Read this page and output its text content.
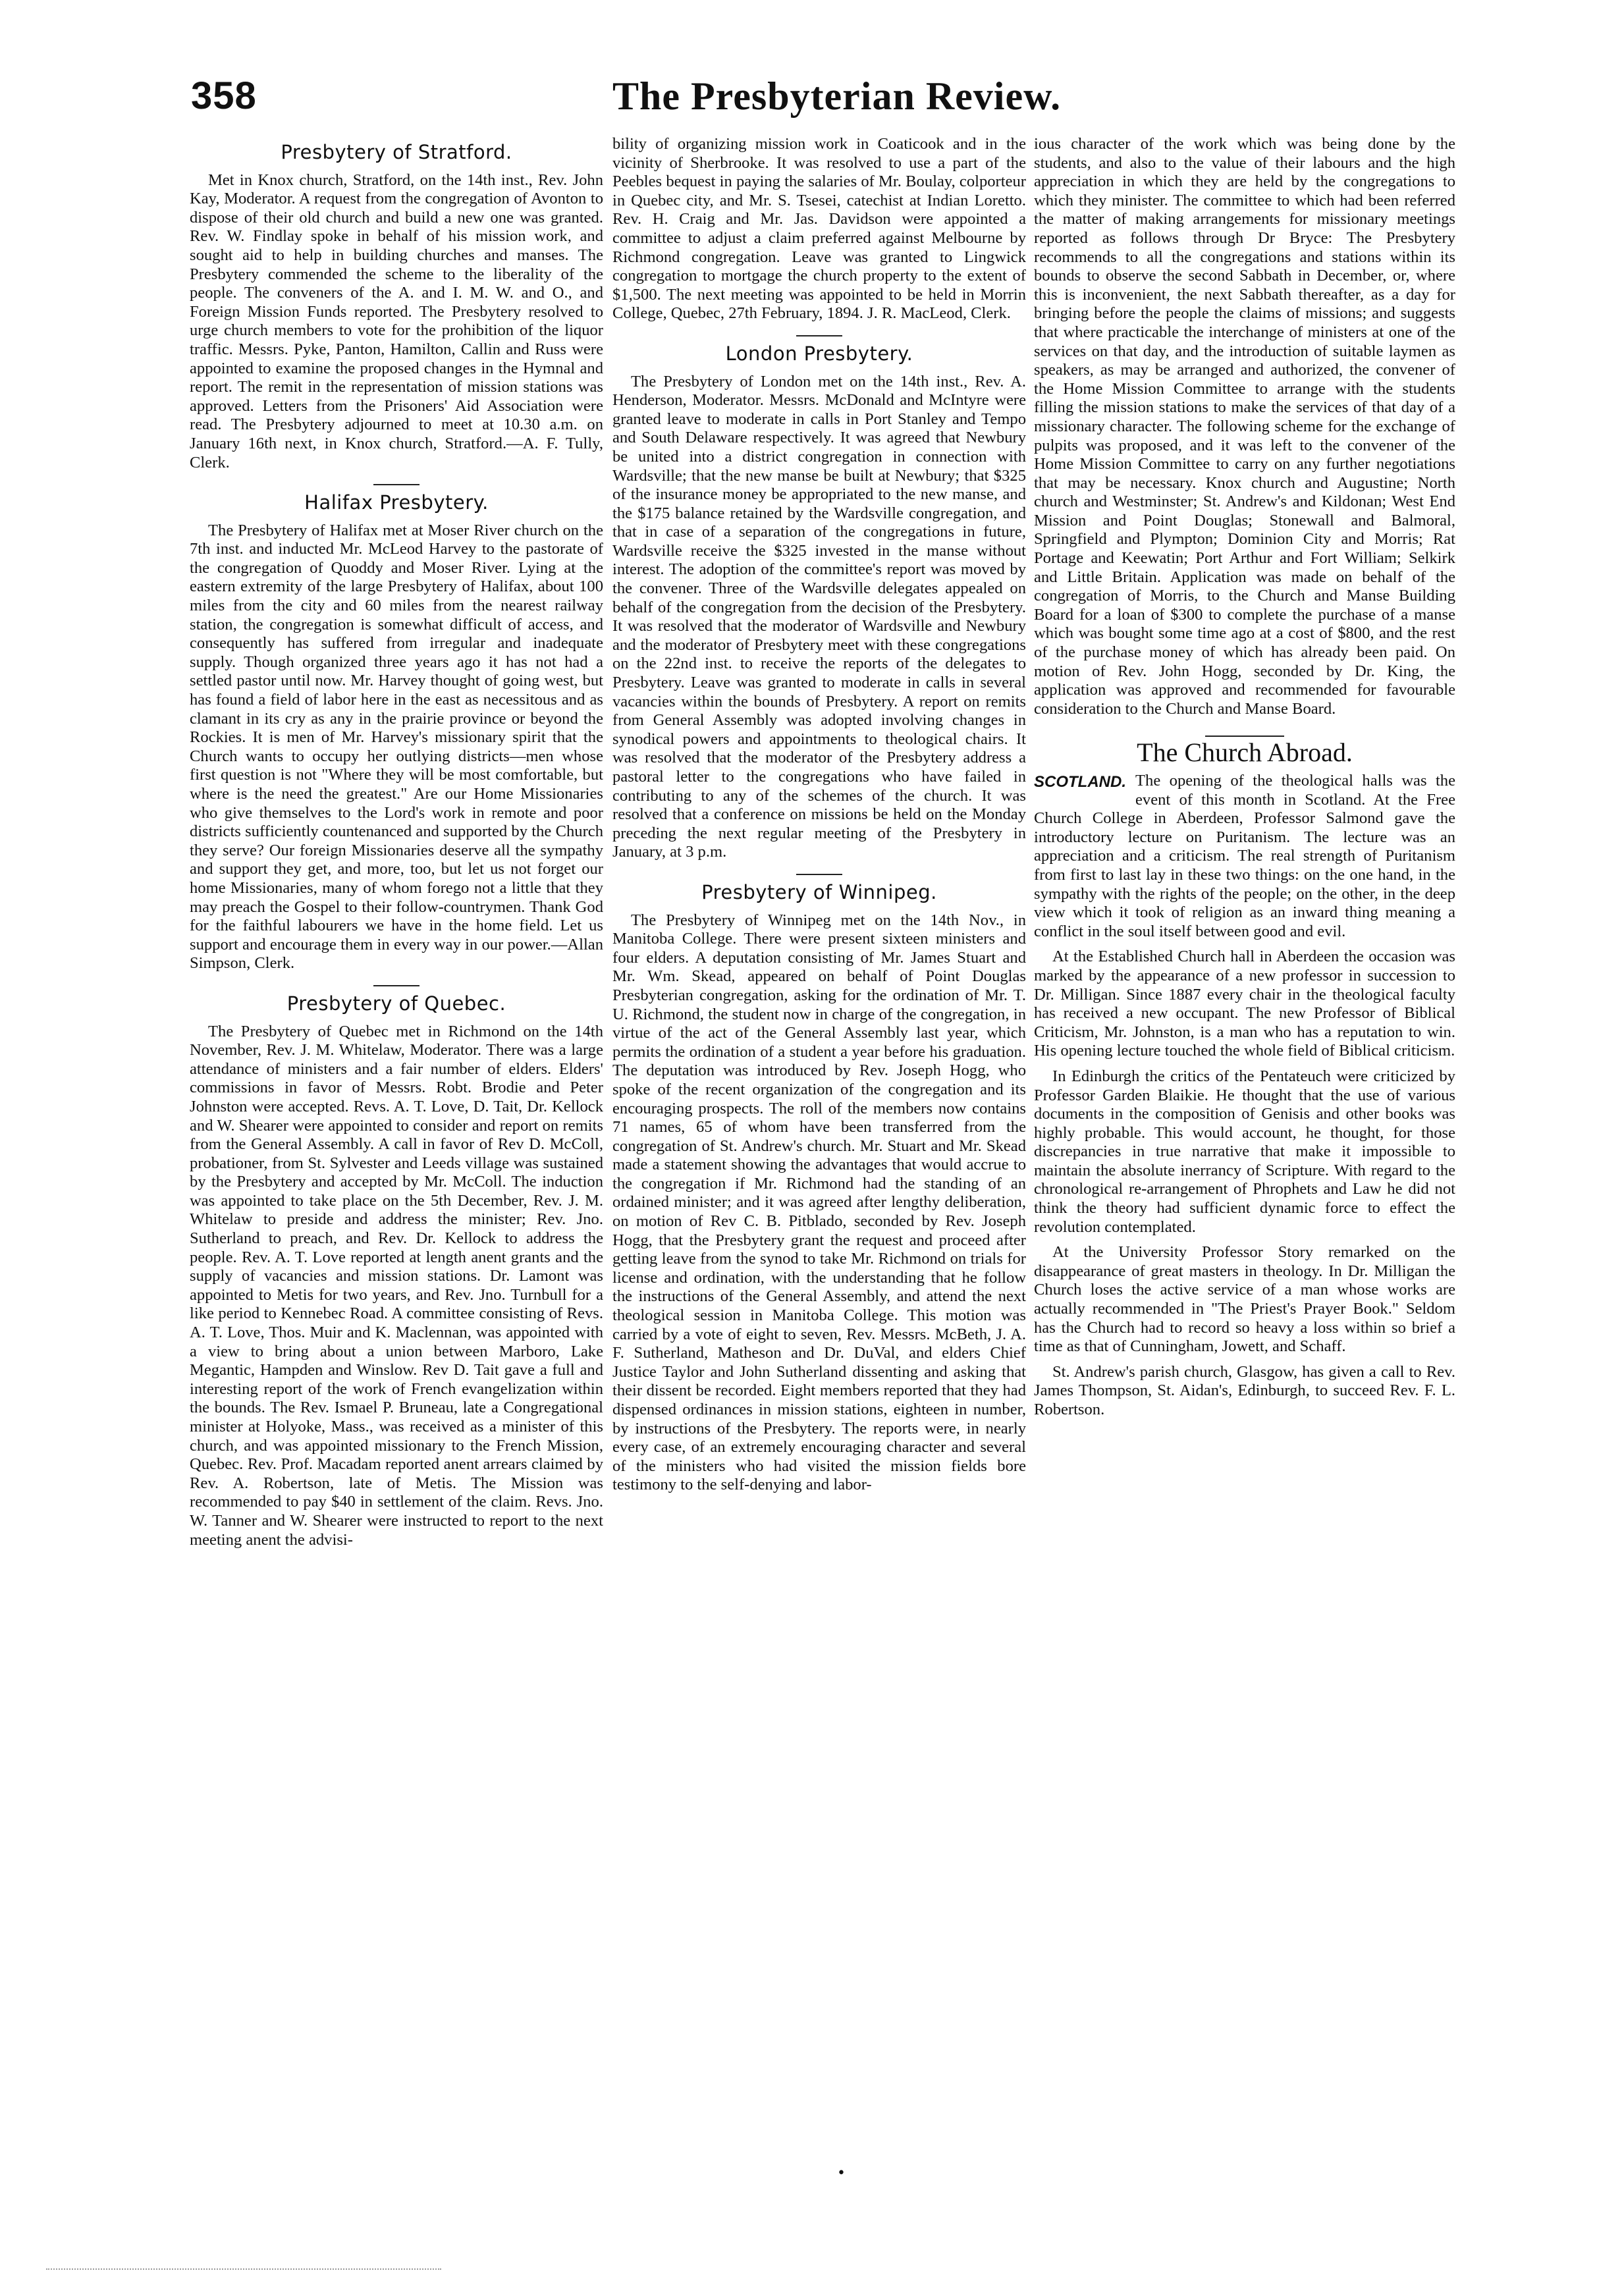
358	The Presbyterian Review.
Presbytery of Stratford.

Met in Knox church, Stratford, on the 14th inst., Rev. John Kay, Moderator. A request from the congregation of Avonton to dispose of their old church and build a new one was granted. Rev. W. Findlay spoke in behalf of his mission work, and sought aid to help in building churches and manses. The Presbytery commended the scheme to the liberality of the people. The conveners of the A. and I. M. W. and O., and Foreign Mission Funds reported. The Presbytery resolved to urge church members to vote for the prohibition of the liquor traffic. Messrs. Pyke, Panton, Hamilton, Callin and Russ were appointed to examine the proposed changes in the Hymnal and report. The remit in the representation of mission stations was approved. Letters from the Prisoners' Aid Association were read. The Presbytery adjourned to meet at 10.30 a.m. on January 16th next, in Knox church, Stratford.—A. F. Tully, Clerk.

Halifax Presbytery.

The Presbytery of Halifax met at Moser River church on the 7th inst. and inducted Mr. McLeod Harvey to the pastorate of the congregation of Quoddy and Moser River. Lying at the eastern extremity of the large Presbytery of Halifax, about 100 miles from the city and 60 miles from the nearest railway station, the congregation is somewhat difficult of access, and consequently has suffered from irregular and inadequate supply. Though organized three years ago it has not had a settled pastor until now. Mr. Harvey thought of going west, but has found a field of labor here in the east as necessitous and as clamant in its cry as any in the prairie province or beyond the Rockies. It is men of Mr. Harvey's missionary spirit that the Church wants to occupy her outlying districts—men whose first question is not "Where they will be most comfortable, but where is the need the greatest." Are our Home Missionaries who give themselves to the Lord's work in remote and poor districts sufficiently countenanced and supported by the Church they serve? Our foreign Missionaries deserve all the sympathy and support they get, and more, too, but let us not forget our home Missionaries, many of whom forego not a little that they may preach the Gospel to their follow-countrymen. Thank God for the faithful labourers we have in the home field. Let us support and encourage them in every way in our power.—Allan Simpson, Clerk.

Presbytery of Quebec.

The Presbytery of Quebec met in Richmond on the 14th November, Rev. J. M. Whitelaw, Moderator. There was a large attendance of ministers and a fair number of elders. Elders' commissions in favor of Messrs. Robt. Brodie and Peter Johnston were accepted. Revs. A. T. Love, D. Tait, Dr. Kellock and W. Shearer were appointed to consider and report on remits from the General Assembly. A call in favor of Rev D. McColl, probationer, from St. Sylvester and Leeds village was sustained by the Presbytery and accepted by Mr. McColl. The induction was appointed to take place on the 5th December, Rev. J. M. Whitelaw to preside and address the minister; Rev. Jno. Sutherland to preach, and Rev. Dr. Kellock to address the people. Rev. A. T. Love reported at length anent grants and the supply of vacancies and mission stations. Dr. Lamont was appointed to Metis for two years, and Rev. Jno. Turnbull for a like period to Kennebec Road. A committee consisting of Revs. A. T. Love, Thos. Muir and K. Maclennan, was appointed with a view to bring about a union between Marboro, Lake Megantic, Hampden and Winslow. Rev D. Tait gave a full and interesting report of the work of French evangelization within the bounds. The Rev. Ismael P. Bruneau, late a Congregational minister at Holyoke, Mass., was received as a minister of this church, and was appointed missionary to the French Mission, Quebec. Rev. Prof. Macadam reported anent arrears claimed by Rev. A. Robertson, late of Metis. The Mission was recommended to pay $40 in settlement of the claim. Revs. Jno. W. Tanner and W. Shearer were instructed to report to the next meeting anent the advisi-

bility of organizing mission work in Coaticook and in the vicinity of Sherbrooke. It was resolved to use a part of the Peebles bequest in paying the salaries of Mr. Boulay, colporteur in Quebec city, and Mr. S. Tsesei, catechist at Indian Loretto. Rev. H. Craig and Mr. Jas. Davidson were appointed a committee to adjust a claim preferred against Melbourne by Richmond congregation. Leave was granted to Lingwick congregation to mortgage the church property to the extent of $1,500. The next meeting was appointed to be held in Morrin College, Quebec, 27th February, 1894. J. R. MacLeod, Clerk.

London Presbytery.

The Presbytery of London met on the 14th inst., Rev. A. Henderson, Moderator. Messrs. McDonald and McIntyre were granted leave to moderate in calls in Port Stanley and Tempo and South Delaware respectively. It was agreed that Newbury be united into a district congregation in connection with Wardsville; that the new manse be built at Newbury; that $325 of the insurance money be appropriated to the new manse, and the $175 balance retained by the Wardsville congregation, and that in case of a separation of the congregations in future, Wardsville receive the $325 invested in the manse without interest. The adoption of the committee's report was moved by the convener. Three of the Wardsville delegates appealed on behalf of the congregation from the decision of the Presbytery. It was resolved that the moderator of Wardsville and Newbury and the moderator of Presbytery meet with these congregations on the 22nd inst. to receive the reports of the delegates to Presbytery. Leave was granted to moderate in calls in several vacancies within the bounds of Presbytery. A report on remits from General Assembly was adopted involving changes in synodical powers and appointments to theological chairs. It was resolved that the moderator of the Presbytery address a pastoral letter to the congregations who have failed in contributing to any of the schemes of the church. It was resolved that a conference on missions be held on the Monday preceding the next regular meeting of the Presbytery in January, at 3 p.m.

Presbytery of Winnipeg.

The Presbytery of Winnipeg met on the 14th Nov., in Manitoba College. There were present sixteen ministers and four elders. A deputation consisting of Mr. James Stuart and Mr. Wm. Skead, appeared on behalf of Point Douglas Presbyterian congregation, asking for the ordination of Mr. T. U. Richmond, the student now in charge of the congregation, in virtue of the act of the General Assembly last year, which permits the ordination of a student a year before his graduation. The deputation was introduced by Rev. Joseph Hogg, who spoke of the recent organization of the congregation and its encouraging prospects. The roll of the members now contains 71 names, 65 of whom have been transferred from the congregation of St. Andrew's church. Mr. Stuart and Mr. Skead made a statement showing the advantages that would accrue to the congregation if Mr. Richmond had the standing of an ordained minister; and it was agreed after lengthy deliberation, on motion of Rev C. B. Pitblado, seconded by Rev. Joseph Hogg, that the Presbytery grant the request and proceed after getting leave from the synod to take Mr. Richmond on trials for license and ordination, with the understanding that he follow the instructions of the General Assembly, and attend the next theological session in Manitoba College. This motion was carried by a vote of eight to seven, Rev. Messrs. McBeth, J. A. F. Sutherland, Matheson and Dr. DuVal, and elders Chief Justice Taylor and John Sutherland dissenting and asking that their dissent be recorded. Eight members reported that they had dispensed ordinances in mission stations, eighteen in number, by instructions of the Presbytery. The reports were, in nearly every case, of an extremely encouraging character and several of the ministers who had visited the mission fields bore testimony to the self-denying and labor-

ious character of the work which was being done by the students, and also to the value of their labours and the high appreciation in which they are held by the congregations to which they minister. The committee to which had been referred the matter of making arrangements for missionary meetings reported as follows through Dr Bryce: The Presbytery recommends to all the congregations and stations within its bounds to observe the second Sabbath in December, or, where this is inconvenient, the next Sabbath thereafter, as a day for bringing before the people the claims of missions; and suggests that where practicable the interchange of ministers at one of the services on that day, and the introduction of suitable laymen as speakers, as may be arranged and authorized, the convener of the Home Mission Committee to arrange with the students filling the mission stations to make the services of that day of a missionary character. The following scheme for the exchange of pulpits was proposed, and it was left to the convener of the Home Mission Committee to carry on any further negotiations that may be necessary. Knox church and Augustine; North church and Westminster; St. Andrew's and Kildonan; West End Mission and Point Douglas; Stonewall and Balmoral, Springfield and Plympton; Dominion City and Morris; Rat Portage and Keewatin; Port Arthur and Fort William; Selkirk and Little Britain. Application was made on behalf of the congregation of Morris, to the Church and Manse Building Board for a loan of $300 to complete the purchase of a manse which was bought some time ago at a cost of $800, and the rest of the purchase money of which has already been paid. On motion of Rev. John Hogg, seconded by Dr. King, the application was approved and recommended for favourable consideration to the Church and Manse Board.

The Church Abroad.

SCOTLAND. The opening of the theological halls was the event of this month in Scotland. At the Free Church College in Aberdeen, Professor Salmond gave the introductory lecture on Puritanism. The lecture was an appreciation and a criticism. The real strength of Puritanism from first to last lay in these two things: on the one hand, in the sympathy with the rights of the people; on the other, in the deep view which it took of religion as an inward thing meaning a conflict in the soul itself between good and evil.

At the Established Church hall in Aberdeen the occasion was marked by the appearance of a new professor in succession to Dr. Milligan. Since 1887 every chair in the theological faculty has received a new occupant. The new Professor of Biblical Criticism, Mr. Johnston, is a man who has a reputation to win. His opening lecture touched the whole field of Biblical criticism.

In Edinburgh the critics of the Pentateuch were criticized by Professor Garden Blaikie. He thought that the use of various documents in the composition of Genisis and other books was highly probable. This would account, he thought, for those discrepancies in true narrative that make it impossible to maintain the absolute inerrancy of Scripture. With regard to the chronological re-arrangement of Phrophets and Law he did not think the theory had sufficient dynamic force to effect the revolution contemplated.

At the University Professor Story remarked on the disappearance of great masters in theology. In Dr. Milligan the Church loses the active service of a man whose works are actually recommended in "The Priest's Prayer Book." Seldom has the Church had to record so heavy a loss within so brief a time as that of Cunningham, Jowett, and Schaff.

St. Andrew's parish church, Glasgow, has given a call to Rev. James Thompson, St. Aidan's, Edinburgh, to succeed Rev. F. L. Robertson.

•
